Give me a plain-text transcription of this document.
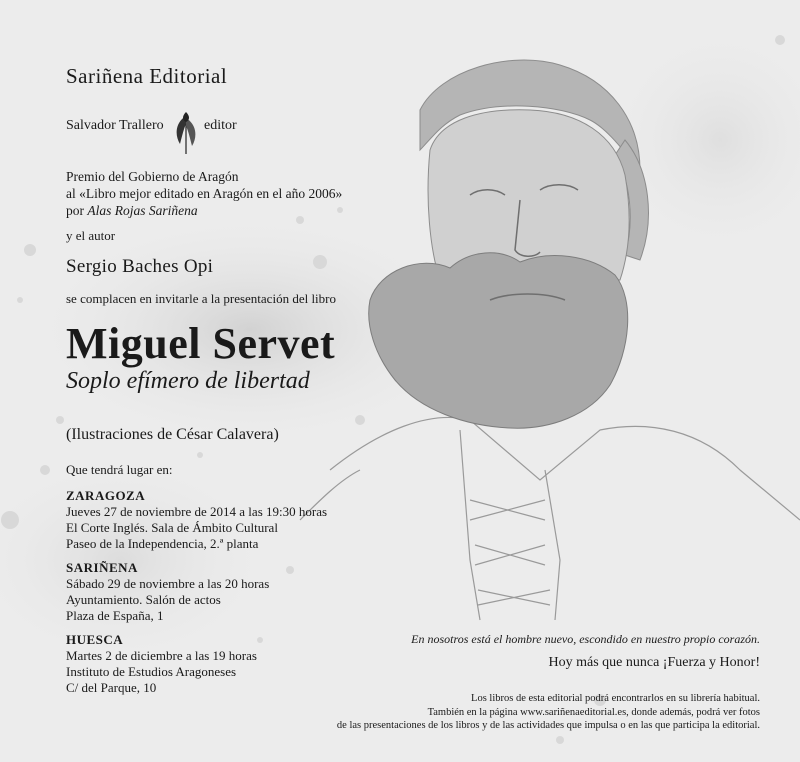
Sariñena Editorial
Salvador Trallero	editor
Premio del Gobierno de Aragón
al «Libro mejor editado en Aragón en el año 2006»
por Alas Rojas Sariñena
y el autor
Sergio Baches Opi
se complacen en invitarle a la presentación del libro
Miguel Servet
Soplo efímero de libertad
(Ilustraciones de César Calavera)
Que tendrá lugar en:
ZARAGOZA
Jueves 27 de noviembre de 2014 a las 19:30 horas
El Corte Inglés. Sala de Ámbito Cultural
Paseo de la Independencia, 2.ª planta
SARIÑENA
Sábado 29 de noviembre a las 20 horas
Ayuntamiento. Salón de actos
Plaza de España, 1
HUESCA
Martes 2 de diciembre a las 19 horas
Instituto de Estudios Aragoneses
C/ del Parque, 10
En nosotros está el hombre nuevo, escondido en nuestro propio corazón.
Hoy más que nunca ¡Fuerza y Honor!
Los libros de esta editorial podrá encontrarlos en su librería habitual.
También en la página www.sariñenaeditorial.es, donde además, podrá ver fotos
de las presentaciones de los libros y de las actividades que impulsa o en las que participa la editorial.
